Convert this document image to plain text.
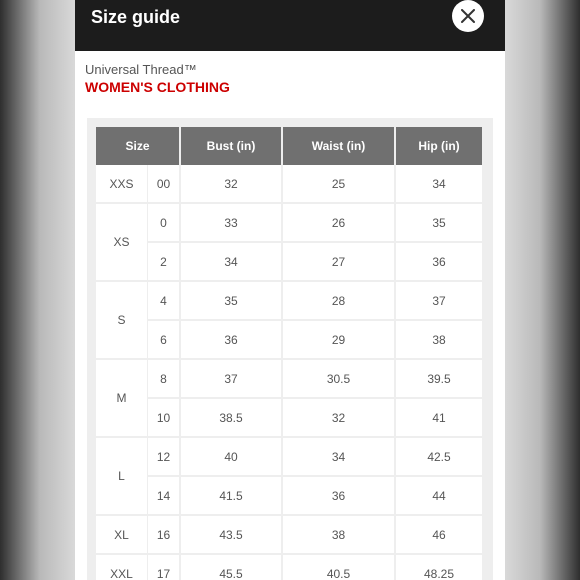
Size guide
Universal Thread™
WOMEN'S CLOTHING
Size		Bust (in)	Waist (in)	Hip (in)
XXS	00	32	25	34
XS	0	33	26	35
	2	34	27	36
S	4	35	28	37
	6	36	29	38
M	8	37	30.5	39.5
	10	38.5	32	41
L	12	40	34	42.5
	14	41.5	36	44
XL	16	43.5	38	46
XXL	17	45.5	40.5	48.25
